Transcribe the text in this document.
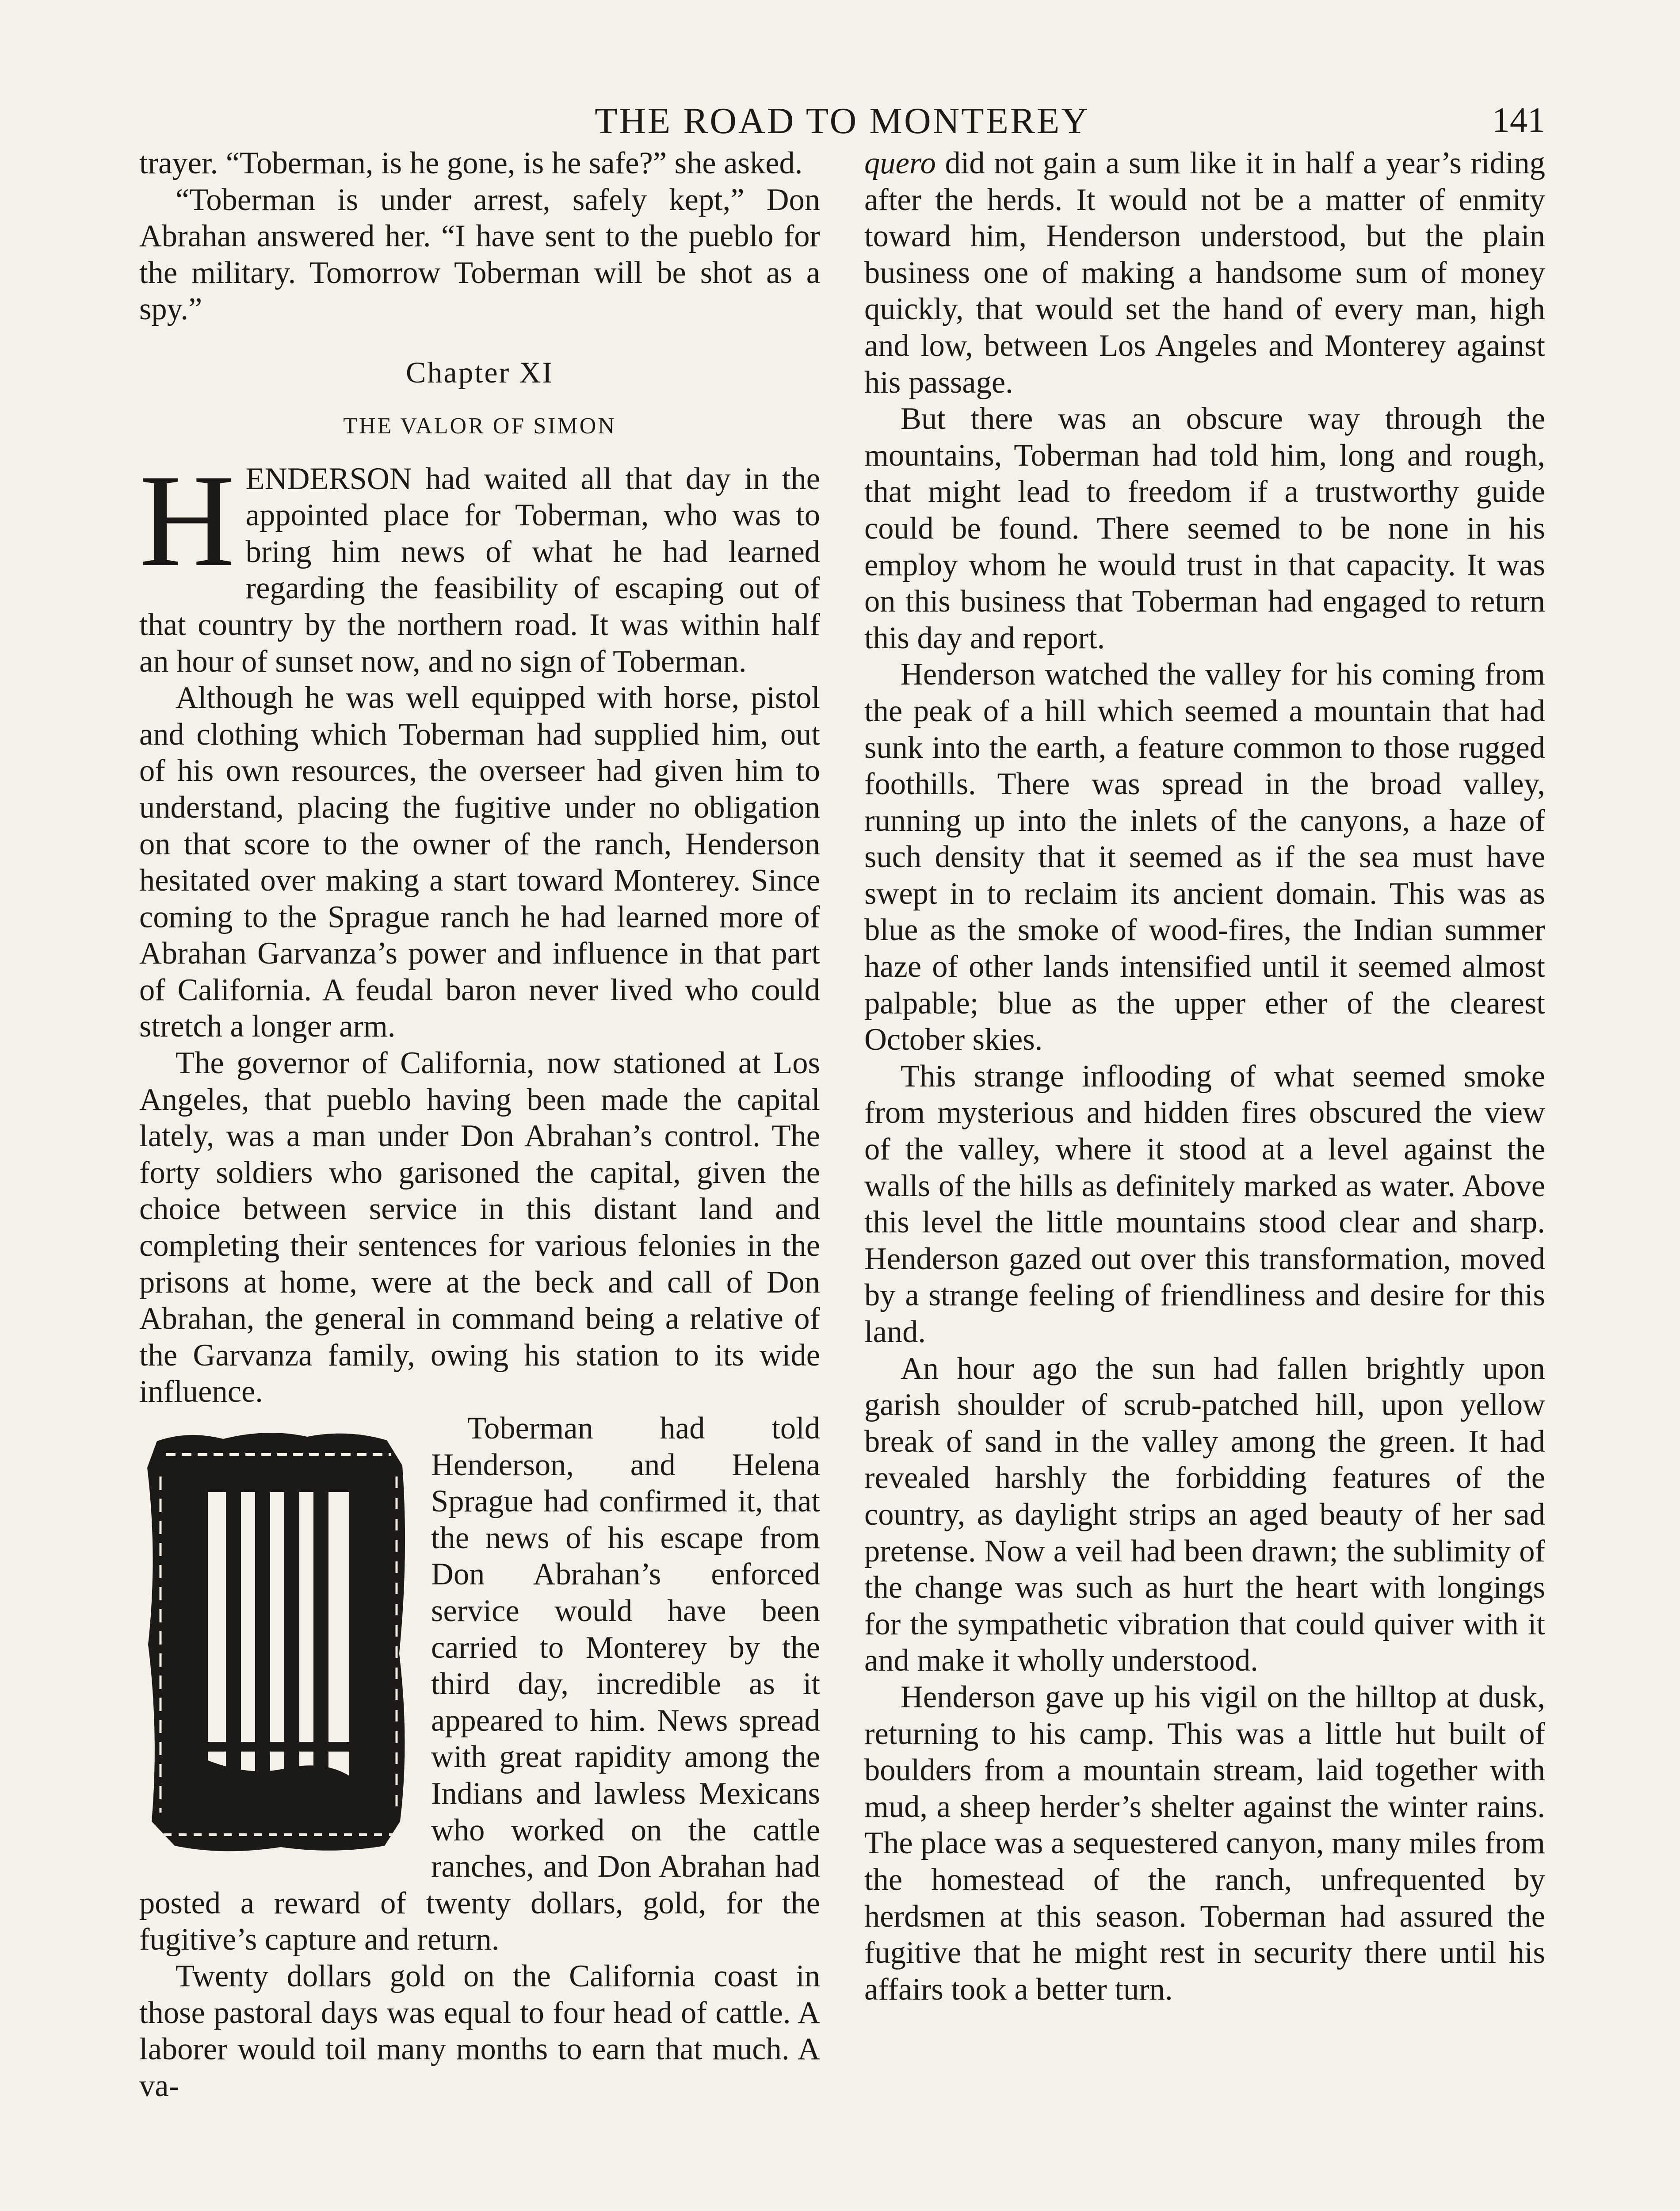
THE ROAD TO MONTEREY	141

trayer. “Toberman, is he gone, is he safe?” she asked.

“Toberman is under arrest, safely kept,” Don Abrahan answered her. “I have sent to the pueblo for the military. Tomorrow Toberman will be shot as a spy.”

Chapter XI
THE VALOR OF SIMON

HENDERSON had waited all that day in the appointed place for Toberman, who was to bring him news of what he had learned regarding the feasibility of escaping out of that country by the northern road. It was within half an hour of sunset now, and no sign of Toberman.

Although he was well equipped with horse, pistol and clothing which Toberman had supplied him, out of his own resources, the overseer had given him to understand, placing the fugitive under no obligation on that score to the owner of the ranch, Henderson hesitated over making a start toward Monterey. Since coming to the Sprague ranch he had learned more of Abrahan Garvanza’s power and influence in that part of California. A feudal baron never lived who could stretch a longer arm.

The governor of California, now stationed at Los Angeles, that pueblo having been made the capital lately, was a man under Don Abrahan’s control. The forty soldiers who garisoned the capital, given the choice between service in this distant land and completing their sentences for various felonies in the prisons at home, were at the beck and call of Don Abrahan, the general in command being a relative of the Garvanza family, owing his station to its wide influence.

Toberman had told Henderson, and Helena Sprague had confirmed it, that the news of his escape from Don Abrahan’s enforced service would have been carried to Monterey by the third day, incredible as it appeared to him. News spread with great rapidity among the Indians and lawless Mexicans who worked on the cattle ranches, and Don Abrahan had posted a reward of twenty dollars, gold, for the fugitive’s capture and return.

Twenty dollars gold on the California coast in those pastoral days was equal to four head of cattle. A laborer would toil many months to earn that much. A va-

quero did not gain a sum like it in half a year’s riding after the herds. It would not be a matter of enmity toward him, Henderson understood, but the plain business one of making a handsome sum of money quickly, that would set the hand of every man, high and low, between Los Angeles and Monterey against his passage.

But there was an obscure way through the mountains, Toberman had told him, long and rough, that might lead to freedom if a trustworthy guide could be found. There seemed to be none in his employ whom he would trust in that capacity. It was on this business that Toberman had engaged to return this day and report.

Henderson watched the valley for his coming from the peak of a hill which seemed a mountain that had sunk into the earth, a feature common to those rugged foothills. There was spread in the broad valley, running up into the inlets of the canyons, a haze of such density that it seemed as if the sea must have swept in to reclaim its ancient domain. This was as blue as the smoke of wood-fires, the Indian summer haze of other lands intensified until it seemed almost palpable; blue as the upper ether of the clearest October skies.

This strange inflooding of what seemed smoke from mysterious and hidden fires obscured the view of the valley, where it stood at a level against the walls of the hills as definitely marked as water. Above this level the little mountains stood clear and sharp. Henderson gazed out over this transformation, moved by a strange feeling of friendliness and desire for this land.

An hour ago the sun had fallen brightly upon garish shoulder of scrub-patched hill, upon yellow break of sand in the valley among the green. It had revealed harshly the forbidding features of the country, as daylight strips an aged beauty of her sad pretense. Now a veil had been drawn; the sublimity of the change was such as hurt the heart with longings for the sympathetic vibration that could quiver with it and make it wholly understood.

Henderson gave up his vigil on the hilltop at dusk, returning to his camp. This was a little hut built of boulders from a mountain stream, laid together with mud, a sheep herder’s shelter against the winter rains. The place was a sequestered canyon, many miles from the homestead of the ranch, unfrequented by herdsmen at this season. Toberman had assured the fugitive that he might rest in security there until his affairs took a better turn.
